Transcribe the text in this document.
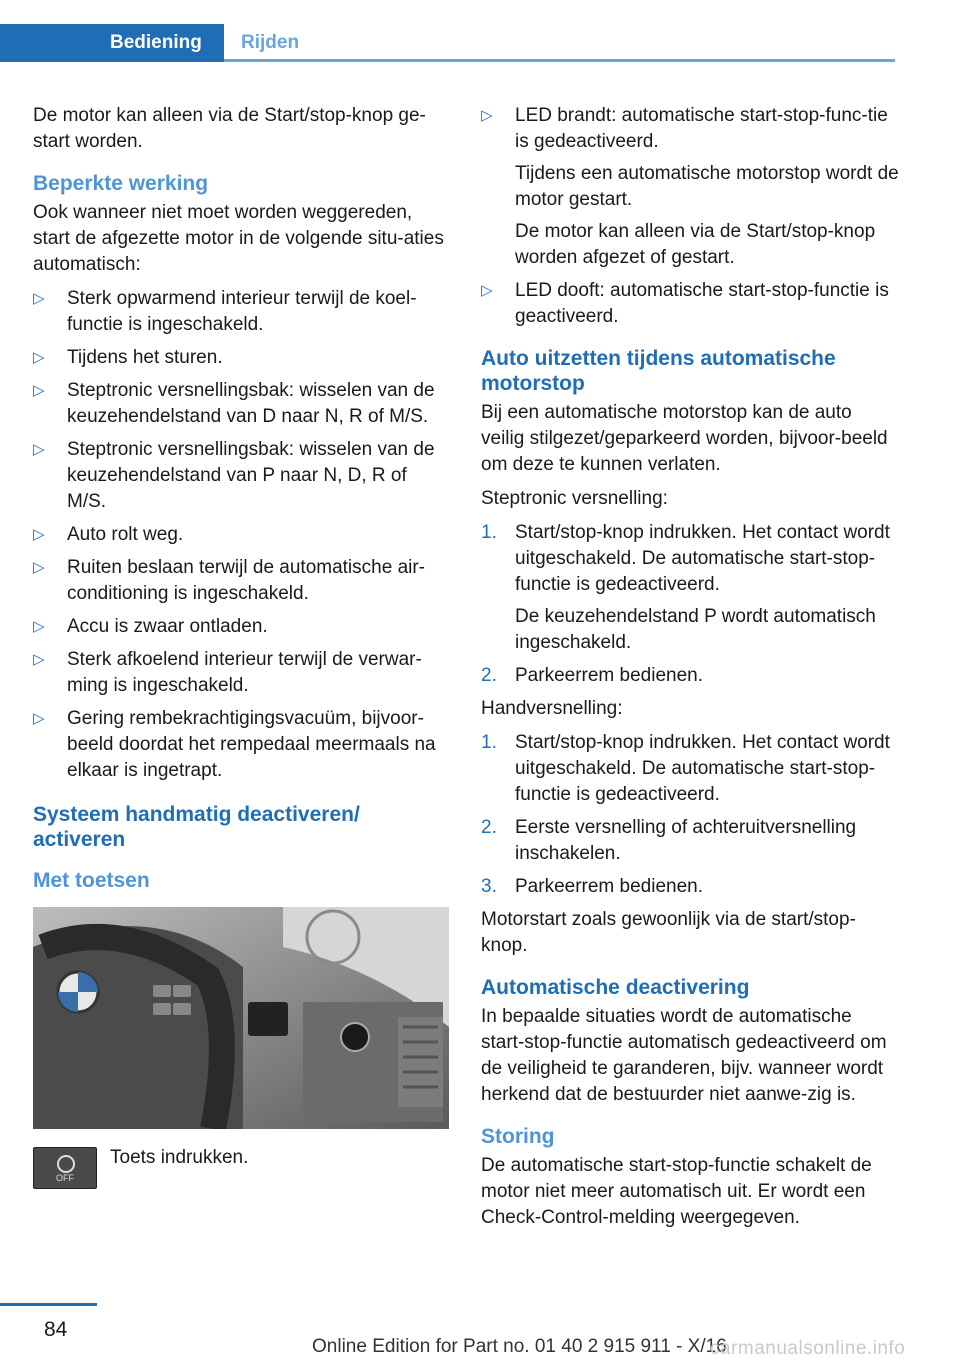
Bediening	Rijden

De motor kan alleen via de Start/stop-knop ge-start worden.

Beperkte werking

Ook wanneer niet moet worden weggereden, start de afgezette motor in de volgende situ-aties automatisch:

▷ Sterk opwarmend interieur terwijl de koel-functie is ingeschakeld.
▷ Tijdens het sturen.
▷ Steptronic versnellingsbak: wisselen van de keuzehendelstand van D naar N, R of M/S.
▷ Steptronic versnellingsbak: wisselen van de keuzehendelstand van P naar N, D, R of M/S.
▷ Auto rolt weg.
▷ Ruiten beslaan terwijl de automatische air-conditioning is ingeschakeld.
▷ Accu is zwaar ontladen.
▷ Sterk afkoelend interieur terwijl de verwar-ming is ingeschakeld.
▷ Gering rembekrachtigingsvacuüm, bijvoor-beeld doordat het rempedaal meermaals na elkaar is ingetrapt.
Systeem handmatig deactiveren/ activeren
Met toetsen
OFF
Toets indrukken.
▷ LED brandt: automatische start-stop-func-tie is gedeactiveerd.
Tijdens een automatische motorstop wordt de motor gestart.
De motor kan alleen via de Start/stop-knop worden afgezet of gestart.
▷ LED dooft: automatische start-stop-functie is geactiveerd.
Auto uitzetten tijdens automatische motorstop

Bij een automatische motorstop kan de auto veilig stilgezet/geparkeerd worden, bijvoor-beeld om deze te kunnen verlaten.

Steptronic versnelling:

1. Start/stop-knop indrukken. Het contact wordt uitgeschakeld. De automatische start-stop-functie is gedeactiveerd.
De keuzehendelstand P wordt automatisch ingeschakeld.
2. Parkeerrem bedienen.

Handversnelling:

1. Start/stop-knop indrukken. Het contact wordt uitgeschakeld. De automatische start-stop-functie is gedeactiveerd.
2. Eerste versnelling of achteruitversnelling inschakelen.
3. Parkeerrem bedienen.

Motorstart zoals gewoonlijk via de start/stop-knop.

Automatische deactivering

In bepaalde situaties wordt de automatische start-stop-functie automatisch gedeactiveerd om de veiligheid te garanderen, bijv. wanneer wordt herkend dat de bestuurder niet aanwe-zig is.

Storing

De automatische start-stop-functie schakelt de motor niet meer automatisch uit. Er wordt een Check-Control-melding weergegeven.

84
Online Edition for Part no. 01 40 2 915 911 - X/16
carmanualsonline.info
